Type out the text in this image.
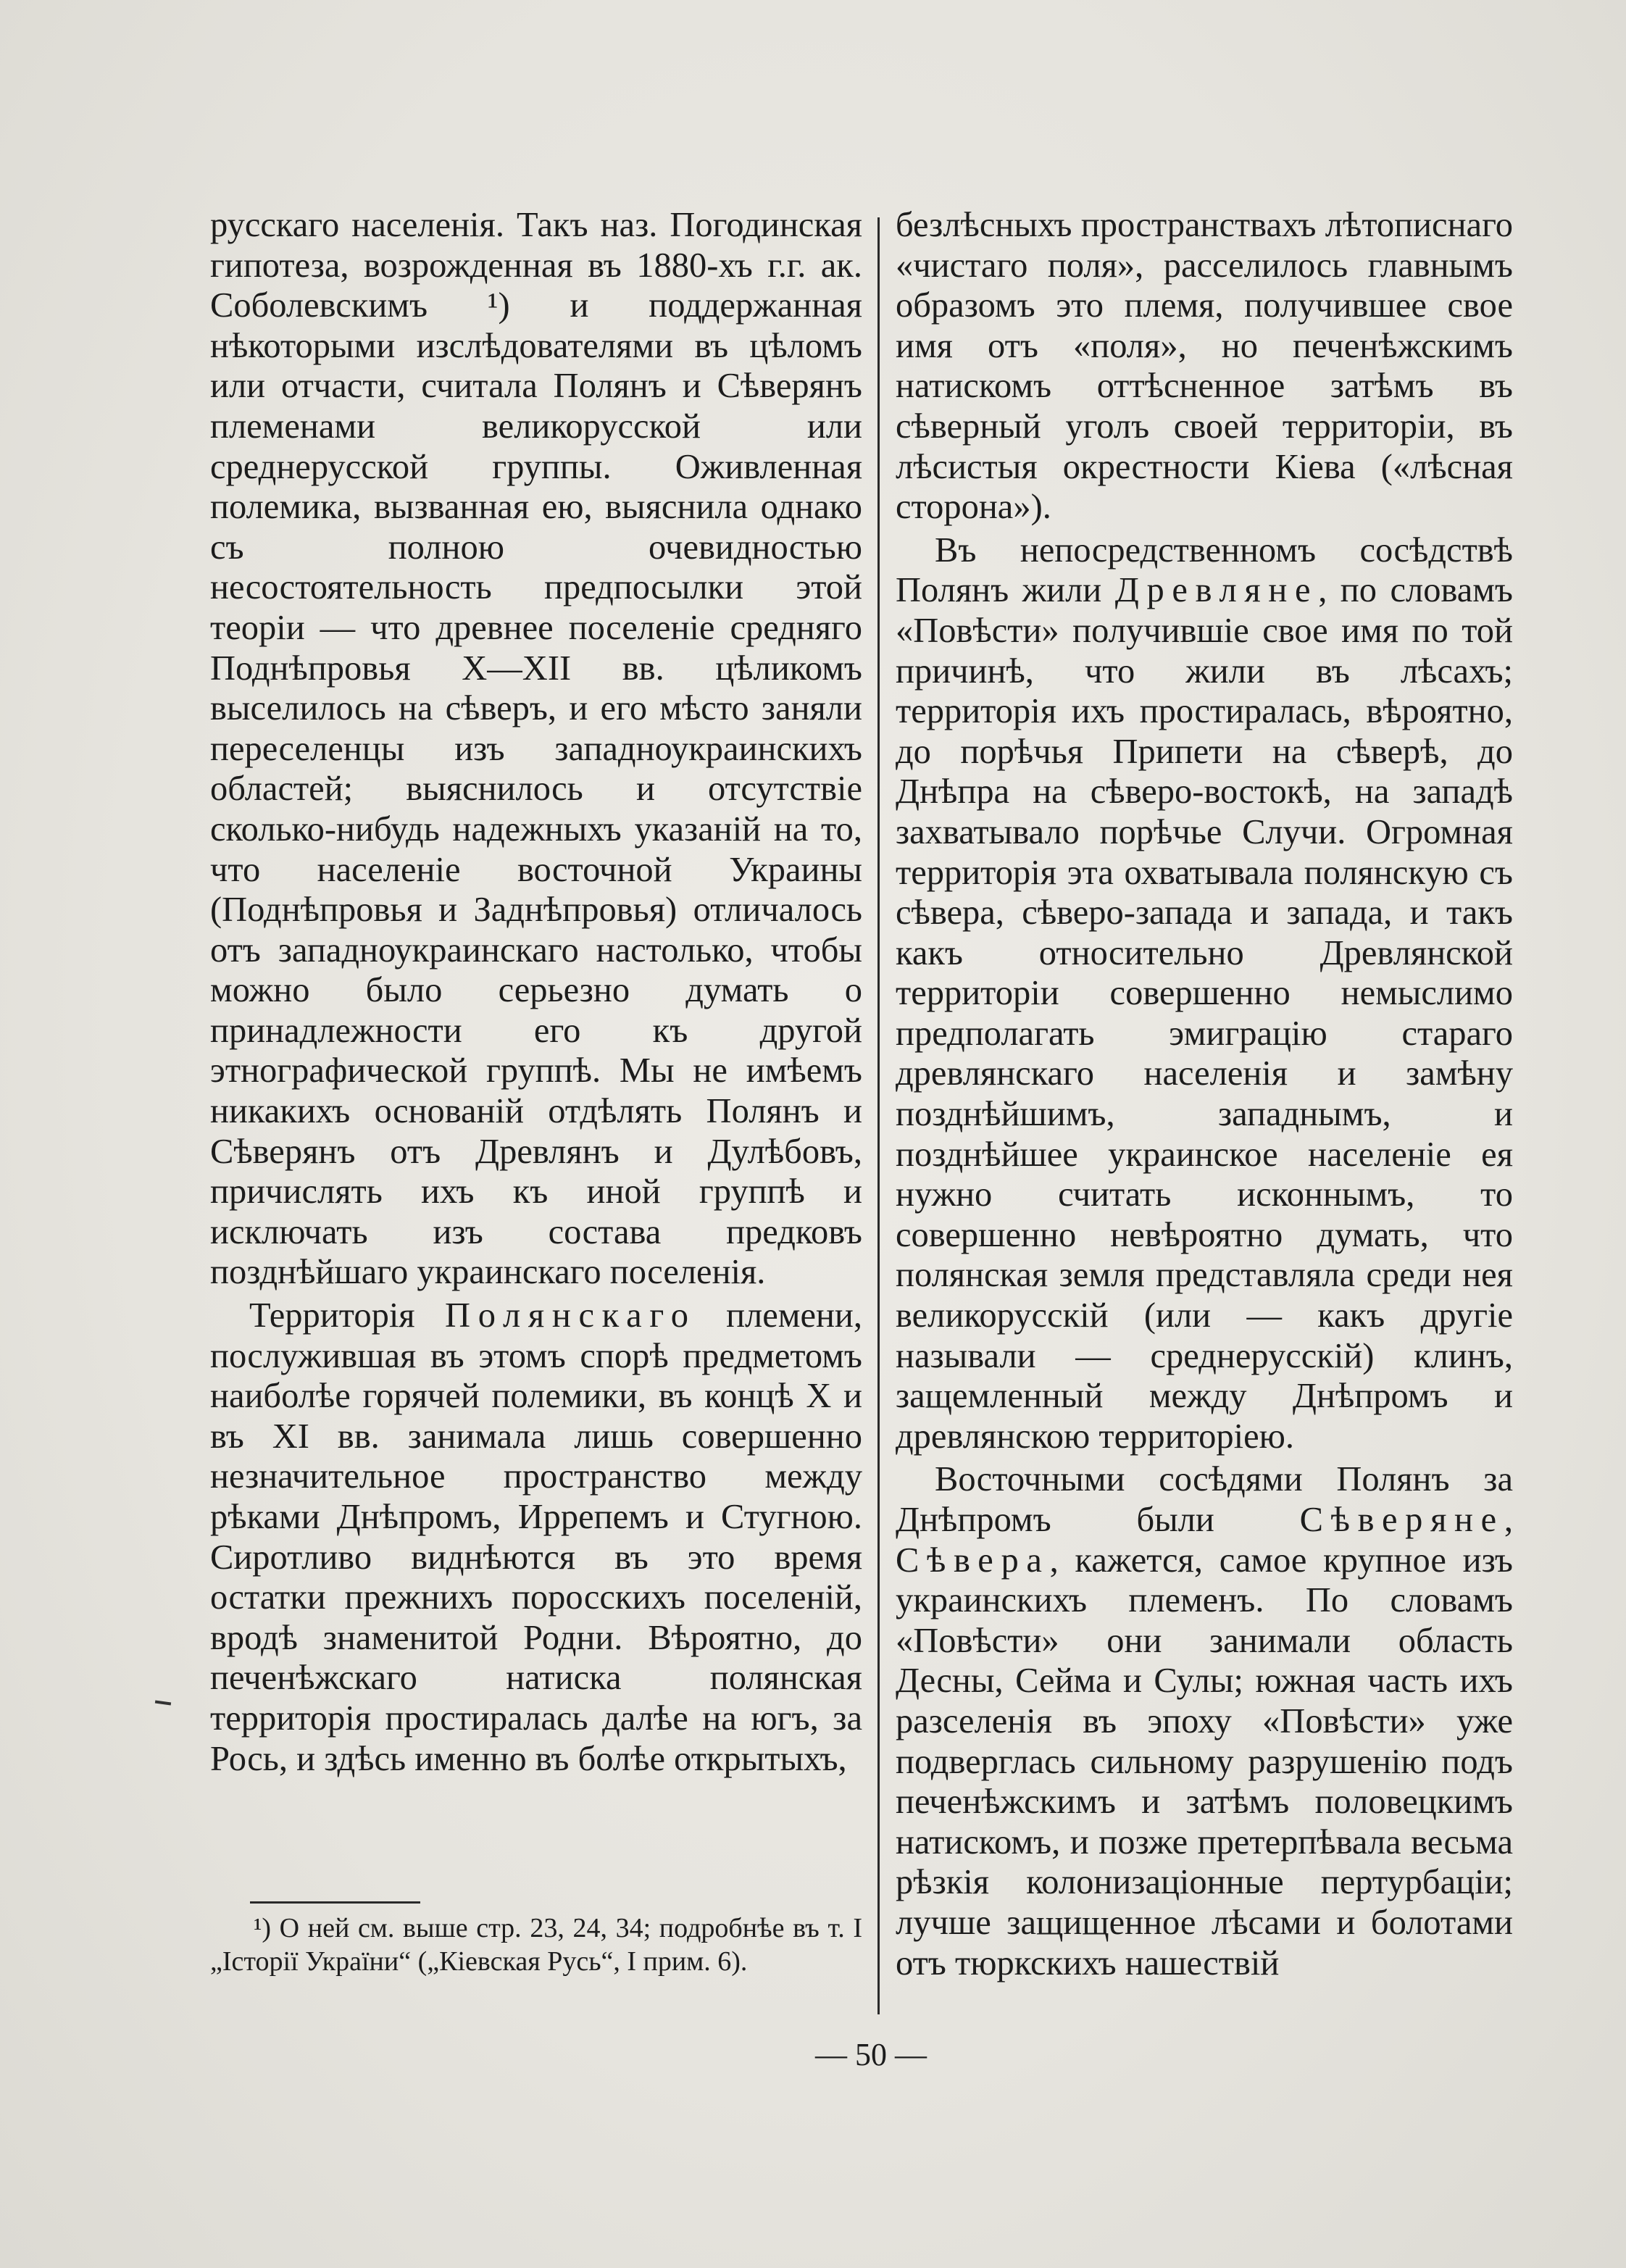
русскаго населенія. Такъ наз. Погодинская гипотеза, возрожденная въ 1880-хъ г.г. ак. Соболевскимъ ¹) и поддержанная нѣкоторыми изслѣдователями въ цѣломъ или отчасти, считала Полянъ и Сѣверянъ племенами великорусской или среднерусской группы. Оживленная полемика, вызванная ею, выяснила однако съ полною очевидностью несостоятельность предпосылки этой теоріи — что древнее поселеніе средняго Поднѣпровья X—XII вв. цѣликомъ выселилось на сѣверъ, и его мѣсто заняли переселенцы изъ западноукраинскихъ областей; выяснилось и отсутствіе сколько-нибудь надежныхъ указаній на то, что населеніе восточной Украины (Поднѣпровья и Заднѣпровья) отличалось отъ западноукраинскаго настолько, чтобы можно было серьезно думать о принадлежности его къ другой этнографической группѣ. Мы не имѣемъ никакихъ основаній отдѣлять Полянъ и Сѣверянъ отъ Древлянъ и Дулѣбовъ, причислять ихъ къ иной группѣ и исключать изъ состава предковъ позднѣйшаго украинскаго поселенія.

Территорія Полянскаго племени, послужившая въ этомъ спорѣ предметомъ наиболѣе горячей полемики, въ концѣ X и въ XI вв. занимала лишь совершенно незначительное пространство между рѣками Днѣпромъ, Иррепемъ и Стугною. Сиротливо виднѣются въ это время остатки прежнихъ поросскихъ поселеній, вродѣ знаменитой Родни. Вѣроятно, до печенѣжскаго натиска полянская территорія простиралась далѣе на югъ, за Рось, и здѣсь именно въ болѣе открытыхъ,

безлѣсныхъ пространствахъ лѣтописнаго «чистаго поля», расселилось главнымъ образомъ это племя, получившее свое имя отъ «поля», но печенѣжскимъ натискомъ оттѣсненное затѣмъ въ сѣверный уголъ своей территоріи, въ лѣсистыя окрестности Кіева («лѣсная сторона»).

Въ непосредственномъ сосѣдствѣ Полянъ жили Древляне, по словамъ «Повѣсти» получившіе свое имя по той причинѣ, что жили въ лѣсахъ; территорія ихъ простиралась, вѣроятно, до порѣчья Припети на сѣверѣ, до Днѣпра на сѣверо-востокѣ, на западѣ захватывало порѣчье Случи. Огромная территорія эта охватывала полянскую съ сѣвера, сѣверо-запада и запада, и такъ какъ относительно Древлянской территоріи совершенно немыслимо предполагать эмиграцію стараго древлянскаго населенія и замѣну позднѣйшимъ, западнымъ, и позднѣйшее украинское населеніе ея нужно считать исконнымъ, то совершенно невѣроятно думать, что полянская земля представляла среди нея великорусскій (или — какъ другіе называли — среднерусскій) клинъ, защемленный между Днѣпромъ и древлянскою территоріею.

Восточными сосѣдями Полянъ за Днѣпромъ были Сѣверяне, Сѣвера, кажется, самое крупное изъ украинскихъ племенъ. По словамъ «Повѣсти» они занимали область Десны, Сейма и Сулы; южная часть ихъ разселенія въ эпоху «Повѣсти» уже подверглась сильному разрушенію подъ печенѣжскимъ и затѣмъ половецкимъ натискомъ, и позже претерпѣвала весьма рѣзкія колонизаціонные пертурбаціи; лучше защищенное лѣсами и болотами отъ тюркскихъ нашествій

¹) О ней см. выше стр. 23, 24, 34; подробнѣе въ т. I „Історії України“ („Кіевская Русь“, I прим. 6).

— 50 —
